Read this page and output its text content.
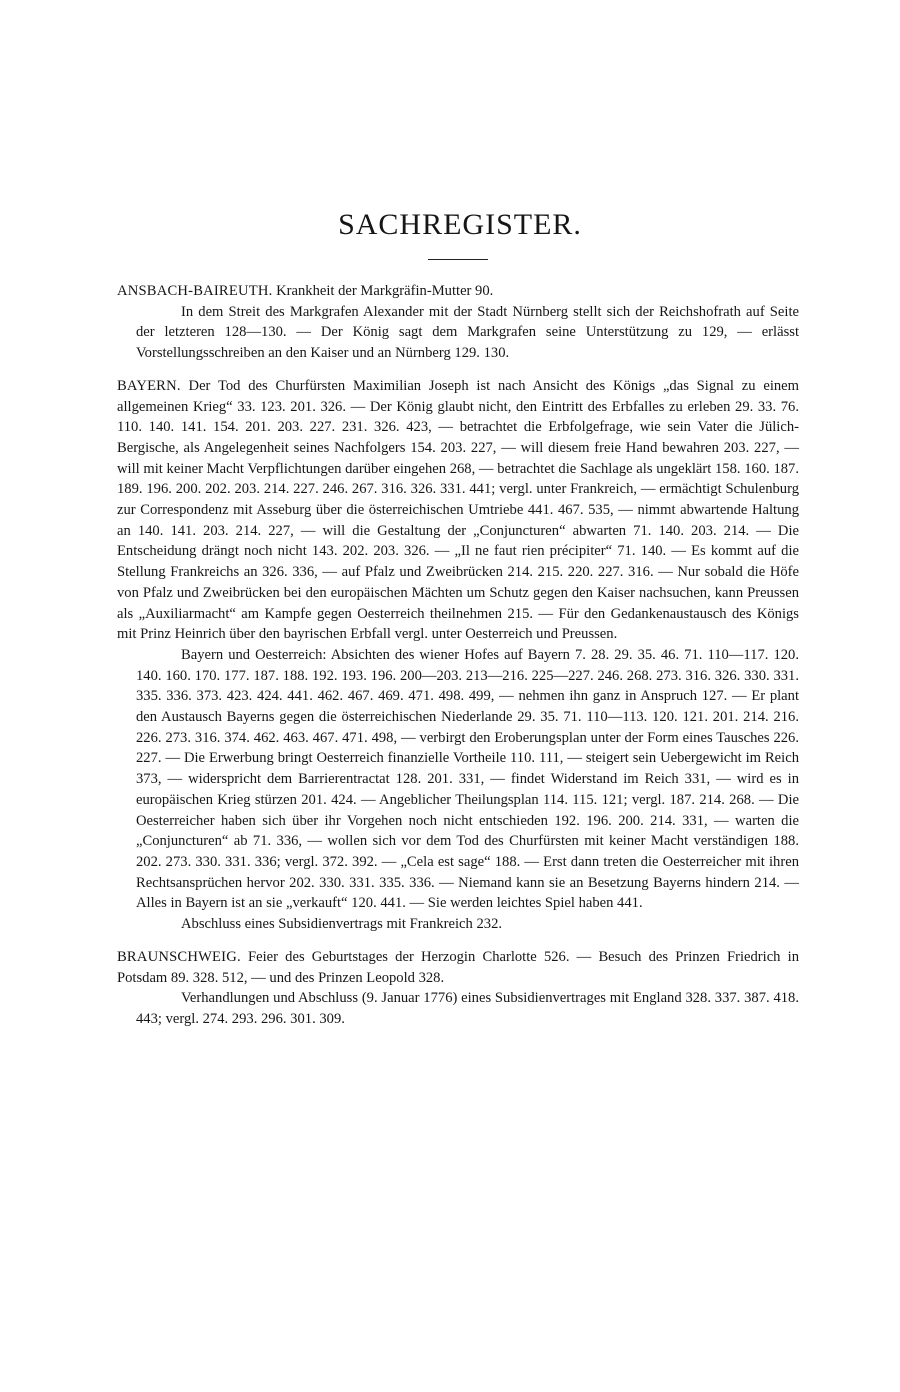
SACHREGISTER.
ANSBACH-BAIREUTH. Krankheit der Markgräfin-Mutter 90.
In dem Streit des Markgrafen Alexander mit der Stadt Nürnberg stellt sich der Reichshofrath auf Seite der letzteren 128—130. — Der König sagt dem Markgrafen seine Unterstützung zu 129, — erlässt Vorstellungsschreiben an den Kaiser und an Nürnberg 129. 130.
BAYERN. Der Tod des Churfürsten Maximilian Joseph ist nach Ansicht des Königs „das Signal zu einem allgemeinen Krieg“ 33. 123. 201. 326. — Der König glaubt nicht, den Eintritt des Erbfalles zu erleben 29. 33. 76. 110. 140. 141. 154. 201. 203. 227. 231. 326. 423, — betrachtet die Erbfolgefrage, wie sein Vater die Jülich-Bergische, als Angelegenheit seines Nachfolgers 154. 203. 227, — will diesem freie Hand bewahren 203. 227, — will mit keiner Macht Verpflichtungen darüber eingehen 268, — betrachtet die Sachlage als ungeklärt 158. 160. 187. 189. 196. 200. 202. 203. 214. 227. 246. 267. 316. 326. 331. 441; vergl. unter Frankreich, — ermächtigt Schulenburg zur Correspondenz mit Asseburg über die österreichischen Umtriebe 441. 467. 535, — nimmt abwartende Haltung an 140. 141. 203. 214. 227, — will die Gestaltung der „Conjuncturen“ abwarten 71. 140. 203. 214. — Die Entscheidung drängt noch nicht 143. 202. 203. 326. — „Il ne faut rien précipiter“ 71. 140. — Es kommt auf die Stellung Frankreichs an 326. 336, — auf Pfalz und Zweibrücken 214. 215. 220. 227. 316. — Nur sobald die Höfe von Pfalz und Zweibrücken bei den europäischen Mächten um Schutz gegen den Kaiser nachsuchen, kann Preussen als „Auxiliarmacht“ am Kampfe gegen Oesterreich theilnehmen 215. — Für den Gedankenaustausch des Königs mit Prinz Heinrich über den bayrischen Erbfall vergl. unter Oesterreich und Preussen.
Bayern und Oesterreich: Absichten des wiener Hofes auf Bayern 7. 28. 29. 35. 46. 71. 110—117. 120. 140. 160. 170. 177. 187. 188. 192. 193. 196. 200—203. 213—216. 225—227. 246. 268. 273. 316. 326. 330. 331. 335. 336. 373. 423. 424. 441. 462. 467. 469. 471. 498. 499, — nehmen ihn ganz in Anspruch 127. — Er plant den Austausch Bayerns gegen die österreichischen Niederlande 29. 35. 71. 110—113. 120. 121. 201. 214. 216. 226. 273. 316. 374. 462. 463. 467. 471. 498, — verbirgt den Eroberungsplan unter der Form eines Tausches 226. 227. — Die Erwerbung bringt Oesterreich finanzielle Vortheile 110. 111, — steigert sein Uebergewicht im Reich 373, — widerspricht dem Barrierentractat 128. 201. 331, — findet Widerstand im Reich 331, — wird es in europäischen Krieg stürzen 201. 424. — Angeblicher Theilungsplan 114. 115. 121; vergl. 187. 214. 268. — Die Oesterreicher haben sich über ihr Vorgehen noch nicht entschieden 192. 196. 200. 214. 331, — warten die „Conjuncturen“ ab 71. 336, — wollen sich vor dem Tod des Churfürsten mit keiner Macht verständigen 188. 202. 273. 330. 331. 336; vergl. 372. 392. — „Cela est sage“ 188. — Erst dann treten die Oesterreicher mit ihren Rechtsansprüchen hervor 202. 330. 331. 335. 336. — Niemand kann sie an Besetzung Bayerns hindern 214. — Alles in Bayern ist an sie „verkauft“ 120. 441. — Sie werden leichtes Spiel haben 441.
Abschluss eines Subsidienvertrags mit Frankreich 232.
BRAUNSCHWEIG. Feier des Geburtstages der Herzogin Charlotte 526. — Besuch des Prinzen Friedrich in Potsdam 89. 328. 512, — und des Prinzen Leopold 328.
Verhandlungen und Abschluss (9. Januar 1776) eines Subsidienvertrages mit England 328. 337. 387. 418. 443; vergl. 274. 293. 296. 301. 309.
